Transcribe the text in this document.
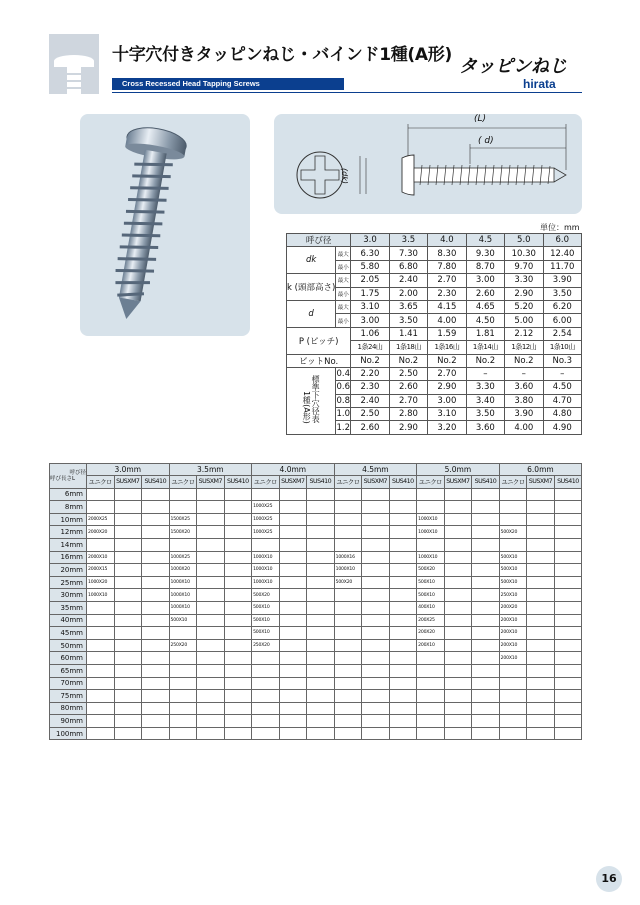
十字穴付きタッピンねじ・バインド1種(A形)
Cross Recessed Head Tapping Screws
タッピンねじ
hirata
(L)
( d)
(dk)
単位：mm
呼び径		3.0	3.5	4.0	4.5	5.0	6.0
dk	最大	6.30	7.30	8.30	9.30	10.30	12.40
	最小	5.80	6.80	7.80	8.70	9.70	11.70
k (頭部高さ)	最大	2.05	2.40	2.70	3.00	3.30	3.90
	最小	1.75	2.00	2.30	2.60	2.90	3.50
d	最大	3.10	3.65	4.15	4.65	5.20	6.20
	最小	3.00	3.50	4.00	4.50	5.00	6.00
P (ピッチ)		1.06	1.41	1.59	1.81	2.12	2.54
		1条24山	1条18山	1条16山	1条14山	1条12山	1条10山
ビットNo.		No.2	No.2	No.2	No.2	No.2	No.3
1種(A形)標準下穴径表	0.4	2.20	2.50	2.70	–	–	–
	0.6	2.30	2.60	2.90	3.30	3.60	4.50
	0.8	2.40	2.70	3.00	3.40	3.80	4.70
	1.0	2.50	2.80	3.10	3.50	3.90	4.80
	1.2	2.60	2.90	3.20	3.60	4.00	4.90
呼び径
呼び長さL	3.0mm			3.5mm			4.0mm			4.5mm			5.0mm			6.0mm		
	ユニクロ	SUSXM7	SUS410	ユニクロ	SUSXM7	SUS410	ユニクロ	SUSXM7	SUS410	ユニクロ	SUSXM7	SUS410	ユニクロ	SUSXM7	SUS410	ユニクロ	SUSXM7	SUS410
6mm																		
8mm							1000X25											
10mm	2000X25			1500X25			1000X25						1000X10					
12mm	2000X20			1500X20			1000X25						1000X10			500X20		
14mm																		
16mm	2000X10			1000X25			1000X10			1000X16			1000X10			500X10		
20mm	2000X15			1000X20			1000X10			1000X10			500X20			500X10		
25mm	1000X20			1000X10			1000X10			500X20			500X10			500X10		
30mm	1000X10			1000X10			500X20						500X10			250X10		
35mm				1000X10			500X10						400X10			200X20		
40mm				500X10			500X10						200X25			200X10		
45mm							500X10						200X20			200X10		
50mm				250X20			250X20						200X10			200X10		
60mm																200X10		
65mm																		
70mm																		
75mm																		
80mm																		
90mm																		
100mm																		
16
